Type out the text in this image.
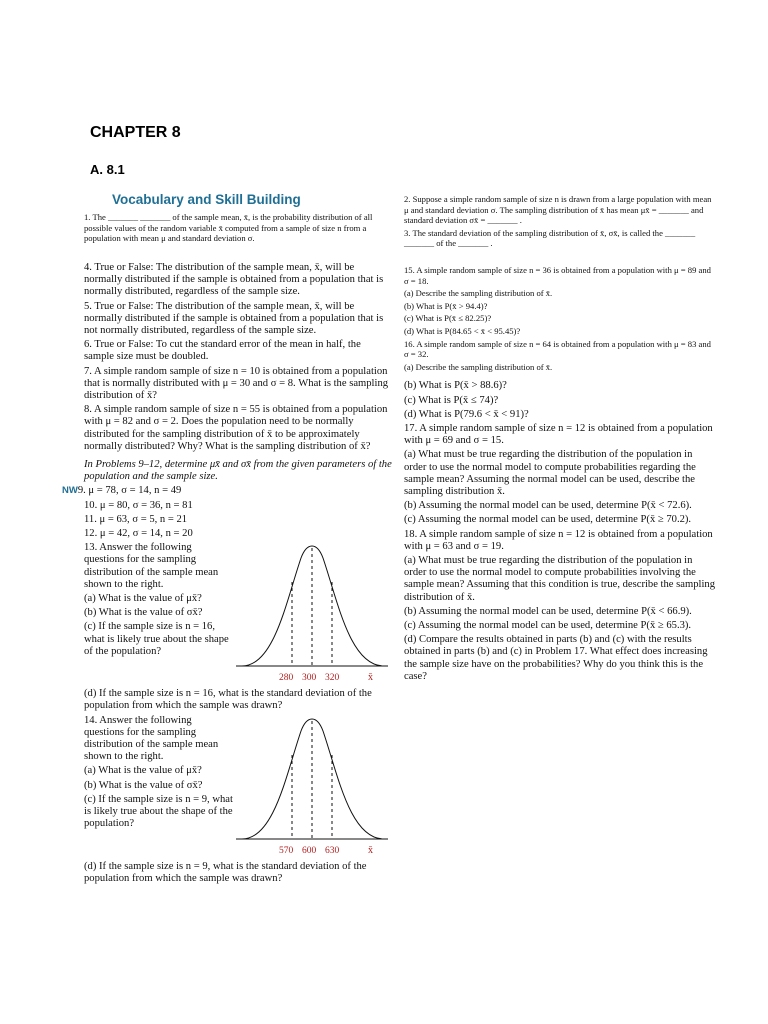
CHAPTER 8
A. 8.1
Vocabulary and Skill Building

1. The _______ _______ of the sample mean, x̄, is the probability distribution of all possible values of the random variable x̄ computed from a sample of size n from a population with mean μ and standard deviation σ.

4. True or False: The distribution of the sample mean, x̄, will be normally distributed if the sample is obtained from a population that is normally distributed, regardless of the sample size.

5. True or False: The distribution of the sample mean, x̄, will be normally distributed if the sample is obtained from a population that is not normally distributed, regardless of the sample size.

6. True or False: To cut the standard error of the mean in half, the sample size must be doubled.

7. A simple random sample of size n = 10 is obtained from a population that is normally distributed with μ = 30 and σ = 8. What is the sampling distribution of x̄?

8. A simple random sample of size n = 55 is obtained from a population with μ = 82 and σ = 2. Does the population need to be normally distributed for the sampling distribution of x̄ to be approximately normally distributed? Why? What is the sampling distribution of x̄?

In Problems 9–12, determine μx̄ and σx̄ from the given parameters of the population and the sample size.

NW9. μ = 78, σ = 14, n = 49

10. μ = 80, σ = 36, n = 81

11. μ = 63, σ = 5, n = 21

12. μ = 42, σ = 14, n = 20

13. Answer the following questions for the sampling distribution of the sample mean shown to the right.

(a) What is the value of μx̄?

(b) What is the value of σx̄?

(c) If the sample size is n = 16, what is likely true about the shape of the population?

280 300 320	x̄

(d) If the sample size is n = 16, what is the standard deviation of the population from which the sample was drawn?

14. Answer the following questions for the sampling distribution of the sample mean shown to the right.

(a) What is the value of μx̄?

(b) What is the value of σx̄?

(c) If the sample size is n = 9, what is likely true about the shape of the population?

570 600 630	x̄

(d) If the sample size is n = 9, what is the standard deviation of the population from which the sample was drawn?

2. Suppose a simple random sample of size n is drawn from a large population with mean μ and standard deviation σ. The sampling distribution of x̄ has mean μx̄ = _______ and standard deviation σx̄ = _______ .

3. The standard deviation of the sampling distribution of x̄, σx̄, is called the _______ _______ of the _______ .

15. A simple random sample of size n = 36 is obtained from a population with μ = 89 and σ = 18.

(a) Describe the sampling distribution of x̄.

(b) What is P(x̄ > 94.4)?

(c) What is P(x̄ ≤ 82.25)?

(d) What is P(84.65 < x̄ < 95.45)?

16. A simple random sample of size n = 64 is obtained from a population with μ = 83 and σ = 32.

(a) Describe the sampling distribution of x̄.

(b) What is P(x̄ > 88.6)?

(c) What is P(x̄ ≤ 74)?

(d) What is P(79.6 < x̄ < 91)?

17. A simple random sample of size n = 12 is obtained from a population with μ = 69 and σ = 15.

(a) What must be true regarding the distribution of the population in order to use the normal model to compute probabilities regarding the sample mean? Assuming the normal model can be used, describe the sampling distribution x̄.

(b) Assuming the normal model can be used, determine P(x̄ < 72.6).

(c) Assuming the normal model can be used, determine P(x̄ ≥ 70.2).

18. A simple random sample of size n = 12 is obtained from a population with μ = 63 and σ = 19.

(a) What must be true regarding the distribution of the population in order to use the normal model to compute probabilities involving the sample mean? Assuming that this condition is true, describe the sampling distribution of x̄.

(b) Assuming the normal model can be used, determine P(x̄ < 66.9).

(c) Assuming the normal model can be used, determine P(x̄ ≥ 65.3).

(d) Compare the results obtained in parts (b) and (c) with the results obtained in parts (b) and (c) in Problem 17. What effect does increasing the sample size have on the probabilities? Why do you think this is the case?
